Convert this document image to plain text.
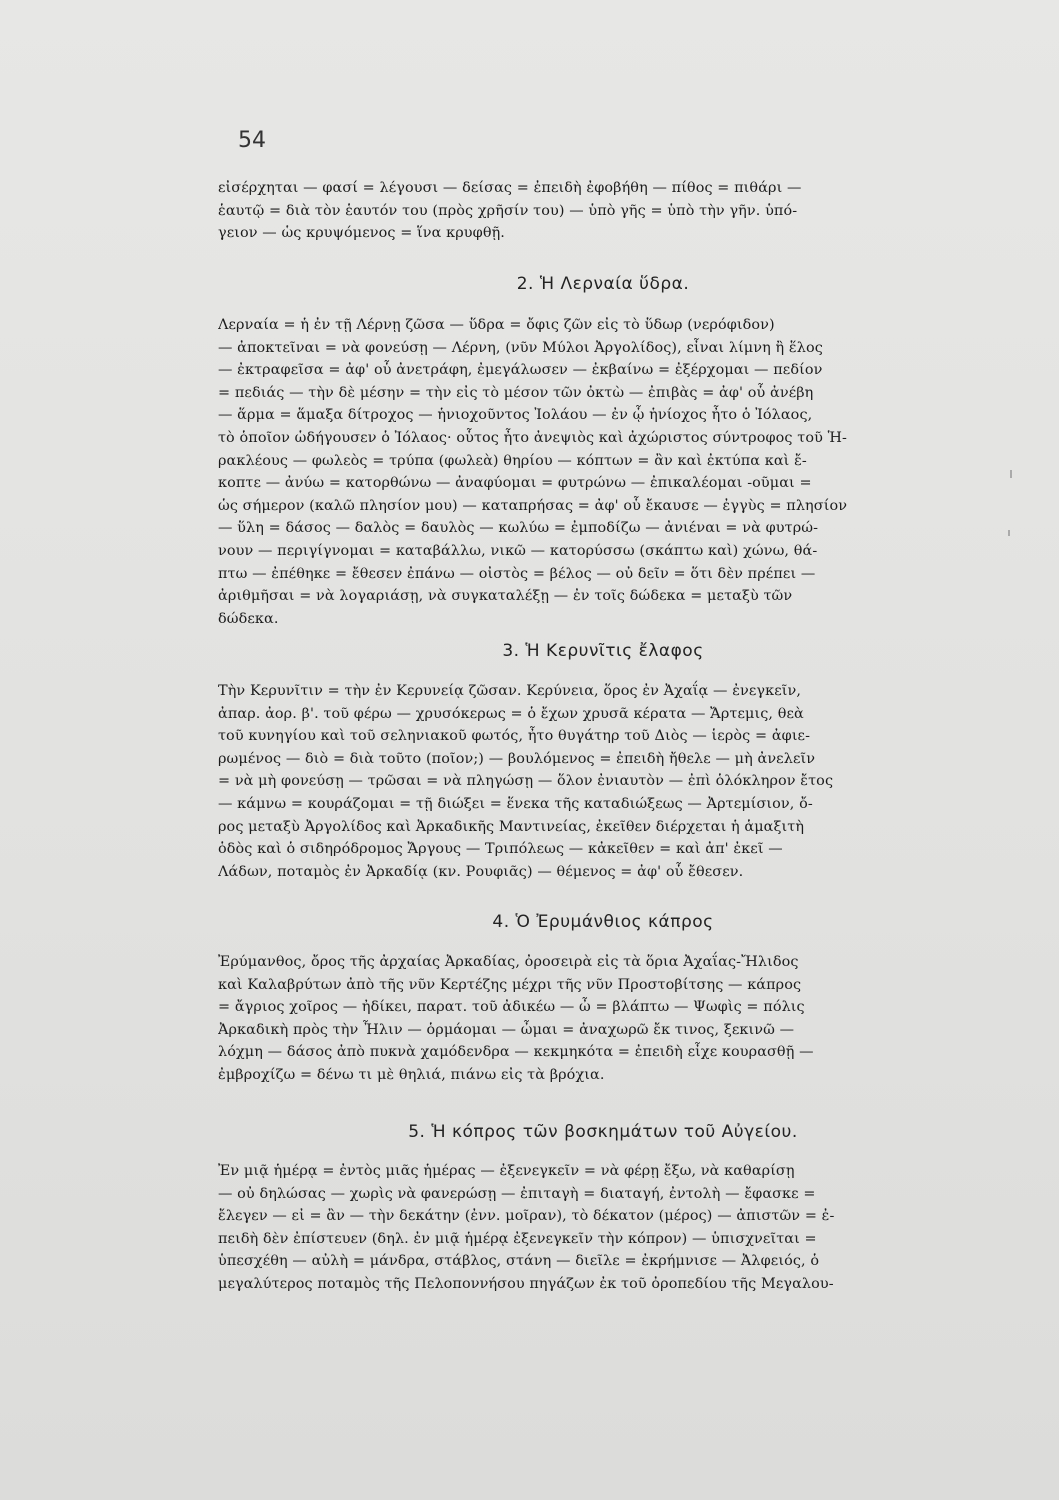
54
εἰσέρχηται — φασί = λέγουσι — δείσας = ἐπειδὴ ἐφοβήθη — πίθος = πιθάρι —
ἑαυτῷ = διὰ τὸν ἑαυτόν του (πρὸς χρῆσίν του) — ὑπὸ γῆς = ὑπὸ τὴν γῆν. ὑπό-
γειον — ὡς κρυψόμενος = ἵνα κρυφθῇ.
2. Ἡ Λερναία ὕδρα.
Λερναία = ἡ ἐν τῇ Λέρνῃ ζῶσα — ὕδρα = ὄφις ζῶν εἰς τὸ ὕδωρ (νερόφιδον)
— ἀποκτεῖναι = νὰ φονεύσῃ — Λέρνη, (νῦν Μύλοι Ἀργολίδος), εἶναι λίμνη ἢ ἕλος
— ἐκτραφεῖσα = ἀφ' οὗ ἀνετράφη, ἐμεγάλωσεν — ἐκβαίνω = ἐξέρχομαι — πεδίον
= πεδιάς — τὴν δὲ μέσην = τὴν εἰς τὸ μέσον τῶν ὀκτὼ — ἐπιβὰς = ἀφ' οὗ ἀνέβη
— ἅρμα = ἅμαξα δίτροχος — ἡνιοχοῦντος Ἰολάου — ἐν ᾧ ἡνίοχος ἦτο ὁ Ἰόλαος,
τὸ ὁποῖον ὡδήγουσεν ὁ Ἰόλαος· οὗτος ἦτο ἀνεψιὸς καὶ ἀχώριστος σύντροφος τοῦ Ἡ-
ρακλέους — φωλεὸς = τρύπα (φωλεὰ) θηρίου — κόπτων = ἂν καὶ ἐκτύπα καὶ ἔ-
κοπτε — ἀνύω = κατορθώνω — ἀναφύομαι = φυτρώνω — ἐπικαλέομαι -οῦμαι =
ὡς σήμερον (καλῶ πλησίον μου) — καταπρήσας = ἀφ' οὗ ἔκαυσε — ἐγγὺς = πλησίον
— ὕλη = δάσος — δαλὸς = δαυλὸς — κωλύω = ἐμποδίζω — ἀνιέναι = νὰ φυτρώ-
νουν — περιγίγνομαι = καταβάλλω, νικῶ — κατορύσσω (σκάπτω καὶ) χώνω, θά-
πτω — ἐπέθηκε = ἔθεσεν ἐπάνω — οἰστὸς = βέλος — οὐ δεῖν = ὅτι δὲν πρέπει —
ἀριθμῆσαι = νὰ λογαριάσῃ, νὰ συγκαταλέξῃ — ἐν τοῖς δώδεκα = μεταξὺ τῶν
δώδεκα.
3. Ἡ Κερυνῖτις ἔλαφος
Τὴν Κερυνῖτιν = τὴν ἐν Κερυνείᾳ ζῶσαν. Κερύνεια, ὅρος ἐν Ἀχαΐᾳ — ἐνεγκεῖν,
ἀπαρ. ἀορ. β'. τοῦ φέρω — χρυσόκερως = ὁ ἔχων χρυσᾶ κέρατα — Ἄρτεμις, θεὰ
τοῦ κυνηγίου καὶ τοῦ σεληνιακοῦ φωτός, ἦτο θυγάτηρ τοῦ Διὸς — ἱερὸς = ἀφιε-
ρωμένος — διὸ = διὰ τοῦτο (ποῖον;) — βουλόμενος = ἐπειδὴ ἤθελε — μὴ ἀνελεῖν
= νὰ μὴ φονεύσῃ — τρῶσαι = νὰ πληγώσῃ — ὅλον ἐνιαυτὸν — ἐπὶ ὁλόκληρον ἔτος
— κάμνω = κουράζομαι = τῇ διώξει = ἕνεκα τῆς καταδιώξεως — Ἀρτεμίσιον, ὄ-
ρος μεταξὺ Ἀργολίδος καὶ Ἀρκαδικῆς Μαντινείας, ἐκεῖθεν διέρχεται ἡ ἁμαξιτὴ
ὁδὸς καὶ ὁ σιδηρόδρομος Ἄργους — Τριπόλεως — κἀκεῖθεν = καὶ ἀπ' ἐκεῖ —
Λάδων, ποταμὸς ἐν Ἀρκαδίᾳ (κν. Ρουφιᾶς) — θέμενος = ἀφ' οὗ ἔθεσεν.
4. Ὁ Ἐρυμάνθιος κάπρος
Ἐρύμανθος, ὄρος τῆς ἀρχαίας Ἀρκαδίας, ὀροσειρὰ εἰς τὰ ὅρια Ἀχαΐας-Ἤλιδος
καὶ Καλαβρύτων ἀπὸ τῆς νῦν Κερτέζης μέχρι τῆς νῦν Προστοβίτσης — κάπρος
= ἄγριος χοῖρος — ἠδίκει, παρατ. τοῦ ἀδικέω — ὦ = βλάπτω — Ψωφὶς = πόλις
Ἀρκαδικὴ πρὸς τὴν Ἦλιν — ὁρμάομαι — ὦμαι = ἀναχωρῶ ἔκ τινος, ξεκινῶ —
λόχμη — δάσος ἀπὸ πυκνὰ χαμόδενδρα — κεκμηκότα = ἐπειδὴ εἶχε κουρασθῇ —
ἐμβροχίζω = δένω τι μὲ θηλιά, πιάνω εἰς τὰ βρόχια.
5. Ἡ κόπρος τῶν βοσκημάτων τοῦ Αὐγείου.
Ἐν μιᾷ ἡμέρᾳ = ἐντὸς μιᾶς ἡμέρας — ἐξενεγκεῖν = νὰ φέρῃ ἔξω, νὰ καθαρίσῃ
— οὐ δηλώσας — χωρὶς νὰ φανερώσῃ — ἐπιταγὴ = διαταγή, ἐντολὴ — ἔφασκε =
ἔλεγεν — εἰ = ἂν — τὴν δεκάτην (ἐνν. μοῖραν), τὸ δέκατον (μέρος) — ἀπιστῶν = ἐ-
πειδὴ δὲν ἐπίστευεν (δηλ. ἐν μιᾷ ἡμέρᾳ ἐξενεγκεῖν τὴν κόπρον) — ὑπισχνεῖται =
ὑπεσχέθη — αὐλὴ = μάνδρα, στάβλος, στάνη — διεῖλε = ἐκρήμνισε — Ἀλφειός, ὁ
μεγαλύτερος ποταμὸς τῆς Πελοποννήσου πηγάζων ἐκ τοῦ ὀροπεδίου τῆς Μεγαλου-
